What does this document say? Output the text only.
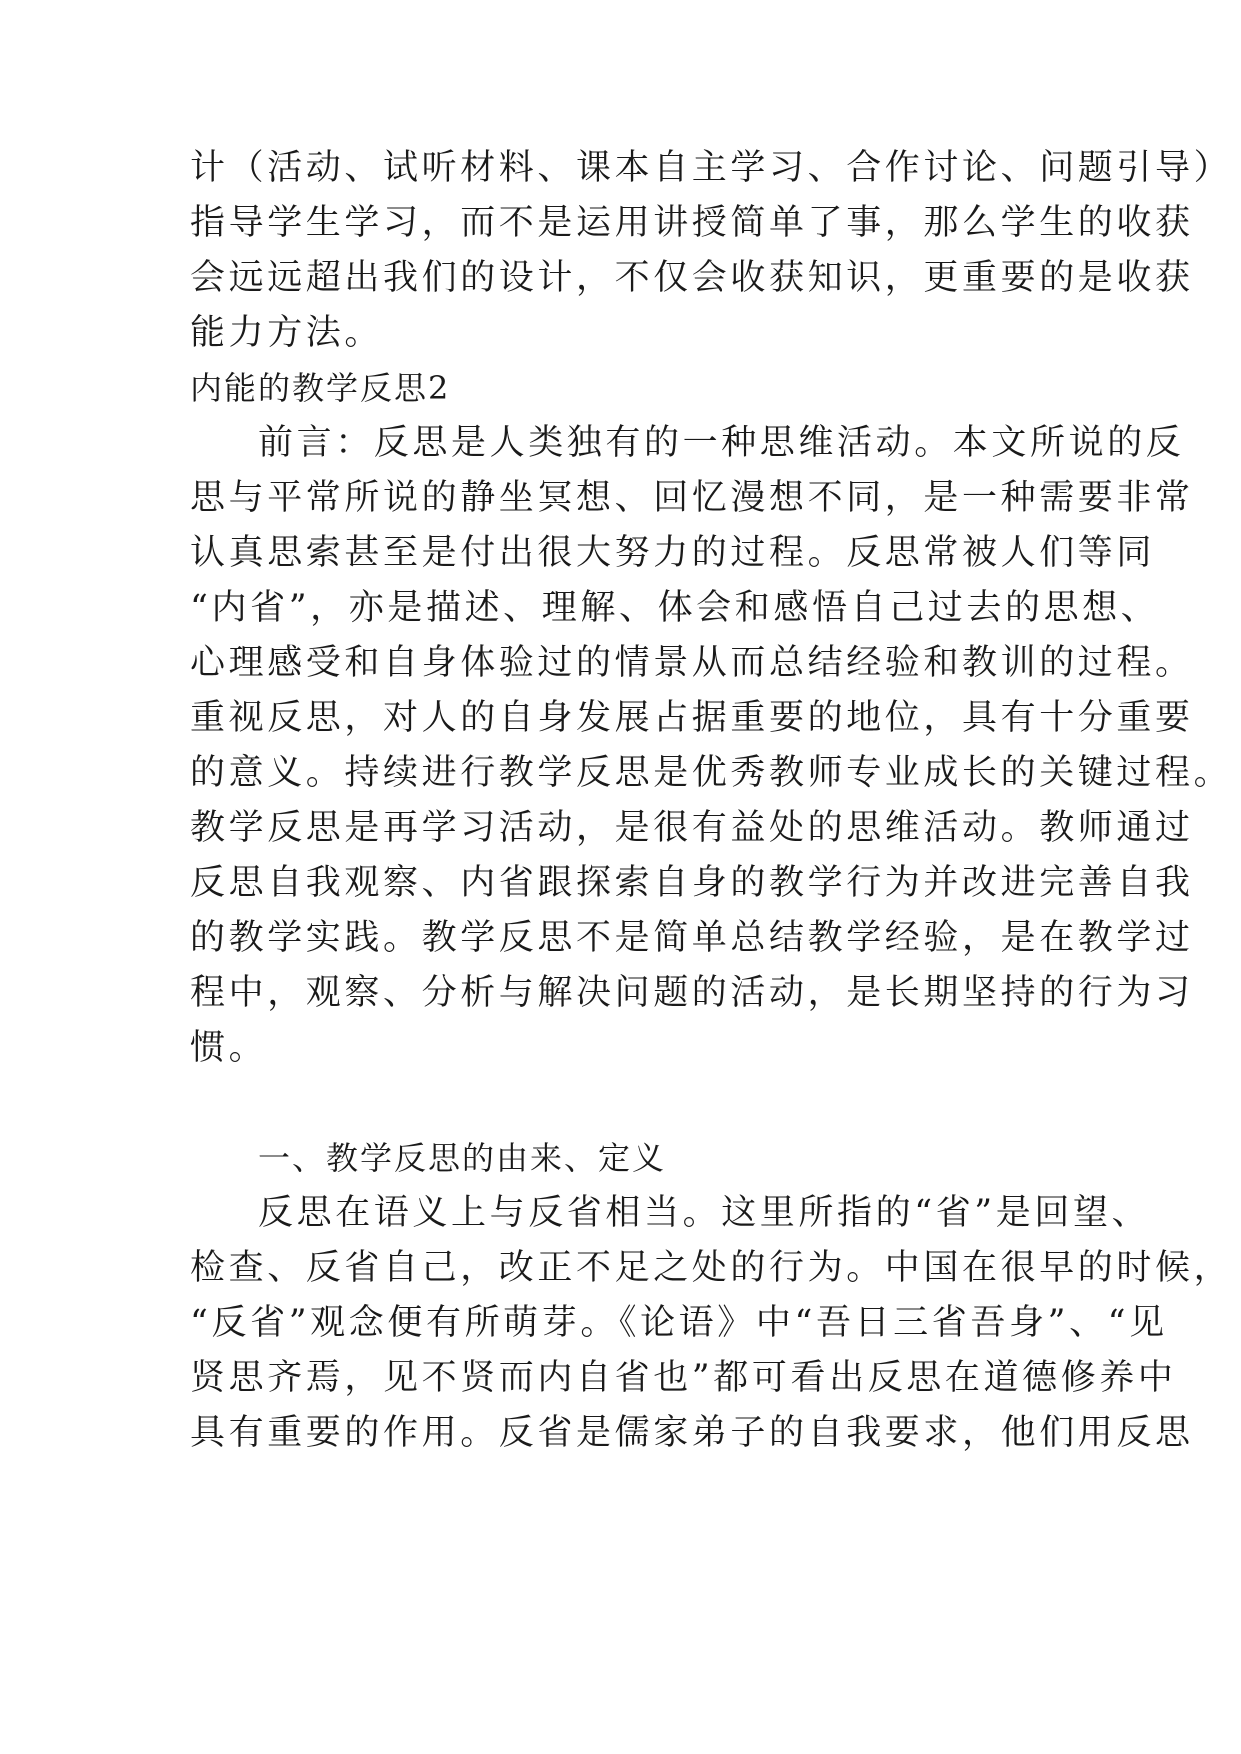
计（活动、试听材料、课本自主学习、合作讨论、问题引导）
指导学生学习，而不是运用讲授简单了事，那么学生的收获
会远远超出我们的设计，不仅会收获知识，更重要的是收获
能力方法。
内能的教学反思2
前言：反思是人类独有的一种思维活动。本文所说的反
思与平常所说的静坐冥想、回忆漫想不同，是一种需要非常
认真思索甚至是付出很大努力的过程。反思常被人们等同
“内省”，亦是描述、理解、体会和感悟自己过去的思想、
心理感受和自身体验过的情景从而总结经验和教训的过程。
重视反思，对人的自身发展占据重要的地位，具有十分重要
的意义。持续进行教学反思是优秀教师专业成长的关键过程。
教学反思是再学习活动，是很有益处的思维活动。教师通过
反思自我观察、内省跟探索自身的教学行为并改进完善自我
的教学实践。教学反思不是简单总结教学经验，是在教学过
程中，观察、分析与解决问题的活动，是长期坚持的行为习
惯。
一、教学反思的由来、定义
反思在语义上与反省相当。这里所指的“省”是回望、
检查、反省自己，改正不足之处的行为。中国在很早的时候，
“反省”观念便有所萌芽。《论语》中“吾日三省吾身”、“见
贤思齐焉，见不贤而内自省也”都可看出反思在道德修养中
具有重要的作用。反省是儒家弟子的自我要求，他们用反思
